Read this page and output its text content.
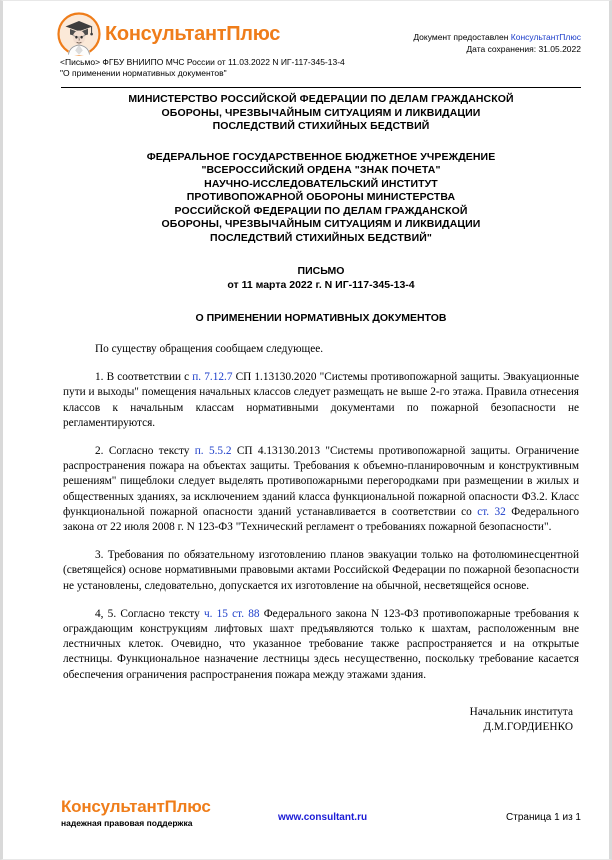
КонсультантПлюс
<Письмо> ФГБУ ВНИИПО МЧС России от 11.03.2022 N ИГ-117-345-13-4
"О применении нормативных документов"
Документ предоставлен КонсультантПлюс
Дата сохранения: 31.05.2022
МИНИСТЕРСТВО РОССИЙСКОЙ ФЕДЕРАЦИИ ПО ДЕЛАМ ГРАЖДАНСКОЙ
ОБОРОНЫ, ЧРЕЗВЫЧАЙНЫМ СИТУАЦИЯМ И ЛИКВИДАЦИИ
ПОСЛЕДСТВИЙ СТИХИЙНЫХ БЕДСТВИЙ
ФЕДЕРАЛЬНОЕ ГОСУДАРСТВЕННОЕ БЮДЖЕТНОЕ УЧРЕЖДЕНИЕ
"ВСЕРОССИЙСКИЙ ОРДЕНА "ЗНАК ПОЧЕТА"
НАУЧНО-ИССЛЕДОВАТЕЛЬСКИЙ ИНСТИТУТ
ПРОТИВОПОЖАРНОЙ ОБОРОНЫ МИНИСТЕРСТВА
РОССИЙСКОЙ ФЕДЕРАЦИИ ПО ДЕЛАМ ГРАЖДАНСКОЙ
ОБОРОНЫ, ЧРЕЗВЫЧАЙНЫМ СИТУАЦИЯМ И ЛИКВИДАЦИИ
ПОСЛЕДСТВИЙ СТИХИЙНЫХ БЕДСТВИЙ"
ПИСЬМО
от 11 марта 2022 г. N ИГ-117-345-13-4
О ПРИМЕНЕНИИ НОРМАТИВНЫХ ДОКУМЕНТОВ

По существу обращения сообщаем следующее.

1. В соответствии с п. 7.12.7 СП 1.13130.2020 "Системы противопожарной защиты. Эвакуационные пути и выходы" помещения начальных классов следует размещать не выше 2-го этажа. Правила отнесения классов к начальным классам нормативными документами по пожарной безопасности не регламентируются.

2. Согласно тексту п. 5.5.2 СП 4.13130.2013 "Системы противопожарной защиты. Ограничение распространения пожара на объектах защиты. Требования к объемно-планировочным и конструктивным решениям" пищеблоки следует выделять противопожарными перегородками при размещении в жилых и общественных зданиях, за исключением зданий класса функциональной пожарной опасности Ф3.2. Класс функциональной пожарной опасности зданий устанавливается в соответствии со ст. 32 Федерального закона от 22 июля 2008 г. N 123-ФЗ "Технический регламент о требованиях пожарной безопасности".

3. Требования по обязательному изготовлению планов эвакуации только на фотолюминесцентной (светящейся) основе нормативными правовыми актами Российской Федерации по пожарной безопасности не установлены, следовательно, допускается их изготовление на обычной, несветящейся основе.

4, 5. Согласно тексту ч. 15 ст. 88 Федерального закона N 123-ФЗ противопожарные требования к ограждающим конструкциям лифтовых шахт предъявляются только к шахтам, расположенным вне лестничных клеток. Очевидно, что указанное требование также распространяется и на открытые лестницы. Функциональное назначение лестницы здесь несущественно, поскольку требование касается обеспечения ограничения распространения пожара между этажами здания.

Начальник института
Д.М.ГОРДИЕНКО
КонсультантПлюс
надежная правовая поддержка	www.consultant.ru	Страница 1 из 1
